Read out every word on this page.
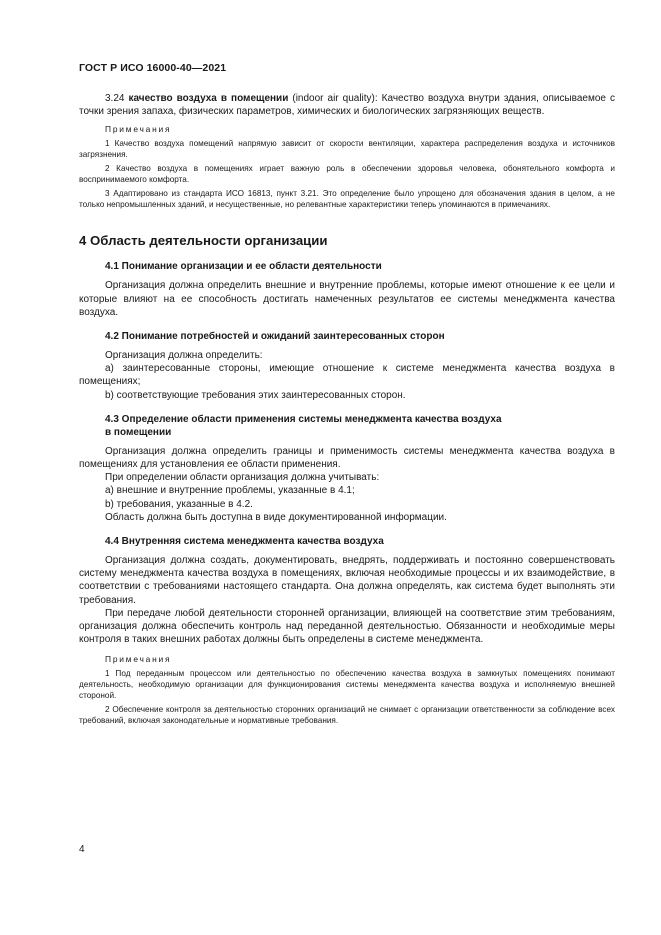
ГОСТ Р ИСО 16000-40—2021

3.24 качество воздуха в помещении (indoor air quality): Качество воздуха внутри здания, описываемое с точки зрения запаха, физических параметров, химических и биологических загрязняющих веществ.

Примечания

1 Качество воздуха помещений напрямую зависит от скорости вентиляции, характера распределения воздуха и источников загрязнения.

2 Качество воздуха в помещениях играет важную роль в обеспечении здоровья человека, обонятельного комфорта и воспринимаемого комфорта.

3 Адаптировано из стандарта ИСО 16813, пункт 3.21. Это определение было упрощено для обозначения здания в целом, а не только непромышленных зданий, и несущественные, но релевантные характеристики теперь упоминаются в примечаниях.

4 Область деятельности организации
4.1 Понимание организации и ее области деятельности

Организация должна определить внешние и внутренние проблемы, которые имеют отношение к ее цели и которые влияют на ее способность достигать намеченных результатов ее системы менеджмента качества воздуха.

4.2 Понимание потребностей и ожиданий заинтересованных сторон

Организация должна определить:

a) заинтересованные стороны, имеющие отношение к системе менеджмента качества воздуха в помещениях;

b) соответствующие требования этих заинтересованных сторон.

4.3 Определение области применения системы менеджмента качества воздуха
в помещении

Организация должна определить границы и применимость системы менеджмента качества воздуха в помещениях для установления ее области применения.

При определении области организация должна учитывать:

a) внешние и внутренние проблемы, указанные в 4.1;

b) требования, указанные в 4.2.

Область должна быть доступна в виде документированной информации.

4.4 Внутренняя система менеджмента качества воздуха

Организация должна создать, документировать, внедрять, поддерживать и постоянно совершенствовать систему менеджмента качества воздуха в помещениях, включая необходимые процессы и их взаимодействие, в соответствии с требованиями настоящего стандарта. Она должна определять, как система будет выполнять эти требования.

При передаче любой деятельности сторонней организации, влияющей на соответствие этим требованиям, организация должна обеспечить контроль над переданной деятельностью. Обязанности и необходимые меры контроля в таких внешних работах должны быть определены в системе менеджмента.

Примечания

1 Под переданным процессом или деятельностью по обеспечению качества воздуха в замкнутых помещениях понимают деятельность, необходимую организации для функционирования системы менеджмента качества воздуха и исполняемую внешней стороной.

2 Обеспечение контроля за деятельностью сторонних организаций не снимает с организации ответственности за соблюдение всех требований, включая законодательные и нормативные требования.

4
